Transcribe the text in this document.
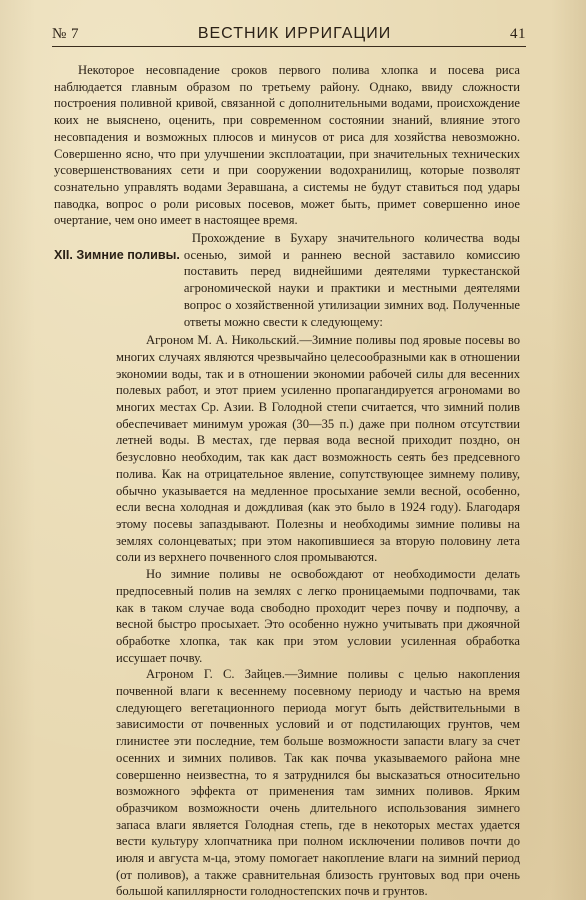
№ 7	ВЕСТНИК ИРРИГАЦИИ	41

Некоторое несовпадение сроков первого полива хлопка и посева риса наблюдается главным образом по третьему району. Однако, ввиду сложности построения поливной кривой, связанной с дополнительными водами, происхождение коих не выяснено, оценить, при современном состоянии знаний, влияние этого несовпадения и возможных плюсов и минусов от риса для хозяйства невозможно. Совершенно ясно, что при улучшении эксплоатации, при значительных технических усовершенствованиях сети и при сооружении водохранилищ, которые позволят сознательно управлять водами Зеравшана, а системы не будут ставиться под удары паводка, вопрос о роли рисовых посевов, может быть, примет совершенно иное очертание, чем оно имеет в настоящее время.

XII. Зимние поливы.

Прохождение в Бухару значительного количества воды осенью, зимой и раннею весной заставило комиссию поставить перед виднейшими деятелями туркестанской агрономической науки и практики и местными деятелями вопрос о хозяйственной утилизации зимних вод. Полученные ответы можно свести к следующему:

Агроном М. А. Никольский.—Зимние поливы под яровые посевы во многих случаях являются чрезвычайно целесообразными как в отношении экономии воды, так и в отношении экономии рабочей силы для весенних полевых работ, и этот прием усиленно пропагандируется агрономами во многих местах Ср. Азии. В Голодной степи считается, что зимний полив обеспечивает минимум урожая (30—35 п.) даже при полном отсутствии летней воды. В местах, где первая вода весной приходит поздно, он безусловно необходим, так как даст возможность сеять без предсевного полива. Как на отрицательное явление, сопутствующее зимнему поливу, обычно указывается на медленное просыхание земли весной, особенно, если весна холодная и дождливая (как это было в 1924 году). Благодаря этому посевы запаздывают. Полезны и необходимы зимние поливы на землях солонцеватых; при этом накопившиеся за вторую половину лета соли из верхнего почвенного слоя промываются.

Но зимние поливы не освобождают от необходимости делать предпосевный полив на землях с легко проницаемыми подпочвами, так как в таком случае вода свободно проходит через почву и подпочву, а весной быстро просыхает. Это особенно нужно учитывать при джоячной обработке хлопка, так как при этом условии усиленная обработка иссушает почву.

Агроном Г. С. Зайцев.—Зимние поливы с целью накопления почвенной влаги к весеннему посевному периоду и частью на время следующего вегетационного периода могут быть действительными в зависимости от почвенных условий и от подстилающих грунтов, чем глинистее эти последние, тем больше возможности запасти влагу за счет осенних и зимних поливов. Так как почва указываемого района мне совершенно неизвестна, то я затруднился бы высказаться относительно возможного эффекта от применения там зимних поливов. Ярким образчиком возможности очень длительного использования зимнего запаса влаги является Голодная степь, где в некоторых местах удается вести культуру хлопчатника при полном исключении поливов почти до июля и августа м-ца, этому помогает накопление влаги на зимний период (от поливов), а также сравнительная близость грунтовых вод при очень большой капиллярности голодностепских почв и грунтов.
